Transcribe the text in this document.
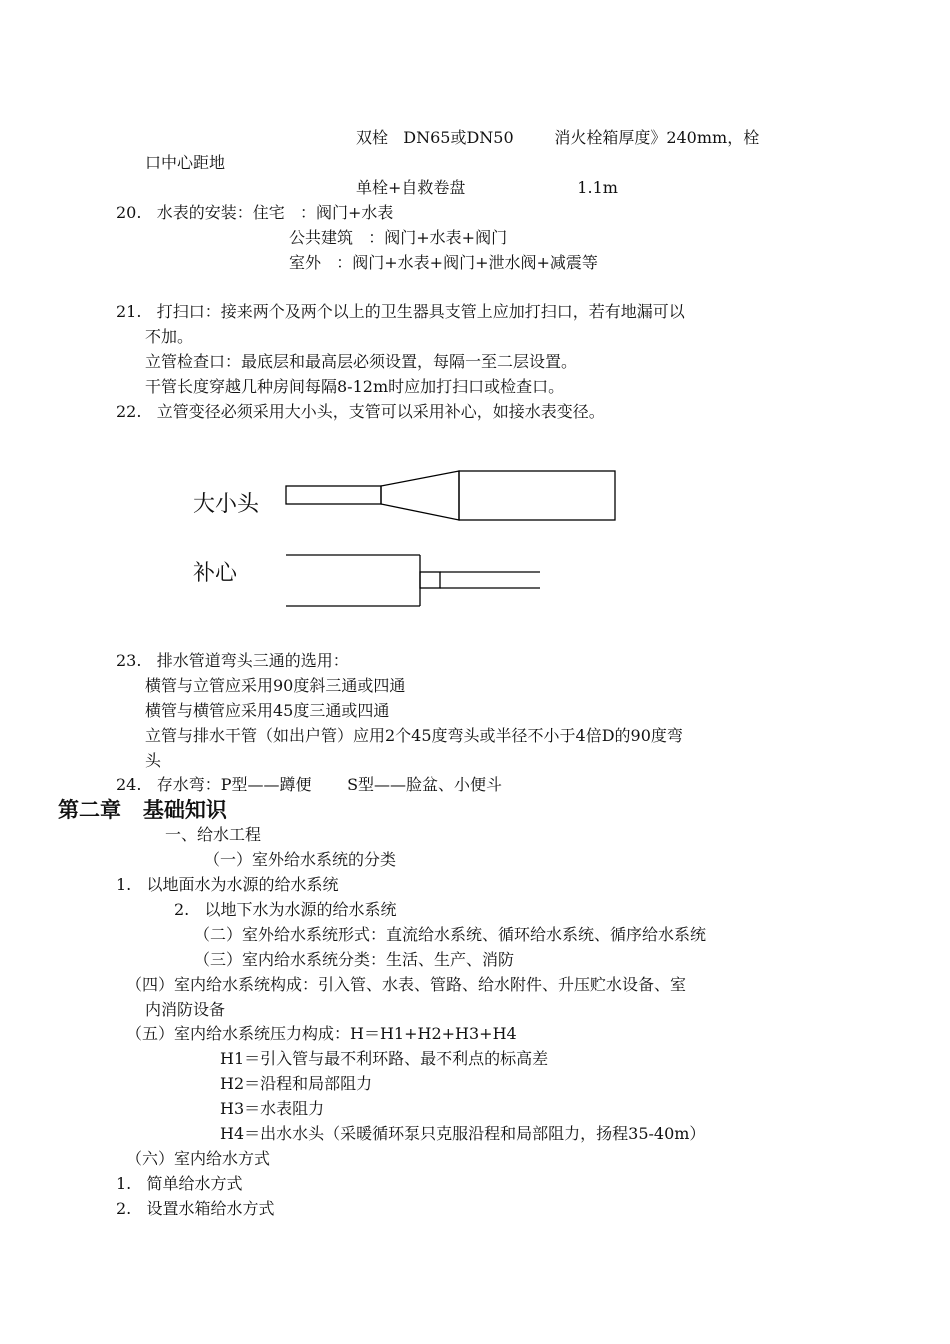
双栓   DN65或DN50        消火栓箱厚度》240mm，栓
口中心距地
单栓+自救卷盘                      1.1m
20.   水表的安装：住宅   ：阀门+水表
公共建筑   ：阀门+水表+阀门
室外   ：阀门+水表+阀门+泄水阀+减震等
21.   打扫口：接来两个及两个以上的卫生器具支管上应加打扫口，若有地漏可以
不加。
立管检查口：最底层和最高层必须设置，每隔一至二层设置。
干管长度穿越几种房间每隔8-12m时应加打扫口或检查口。
22.   立管变径必须采用大小头，支管可以采用补心，如接水表变径。
大小头
补心
23.   排水管道弯头三通的选用：
横管与立管应采用90度斜三通或四通
横管与横管应采用45度三通或四通
立管与排水干管（如出户管）应用2个45度弯头或半径不小于4倍D的90度弯
头
24.   存水弯：P型——蹲便       S型——脸盆、小便斗
第二章   基础知识
一、给水工程
（一）室外给水系统的分类
1.   以地面水为水源的给水系统
2.   以地下水为水源的给水系统
（二）室外给水系统形式：直流给水系统、循环给水系统、循序给水系统
（三）室内给水系统分类：生活、生产、消防
（四）室内给水系统构成：引入管、水表、管路、给水附件、升压贮水设备、室
内消防设备
（五）室内给水系统压力构成：H＝H1+H2+H3+H4
H1＝引入管与最不利环路、最不利点的标高差
H2＝沿程和局部阻力
H3＝水表阻力
H4＝出水水头（采暖循环泵只克服沿程和局部阻力，扬程35-40m）
（六）室内给水方式
1.   简单给水方式
2.   设置水箱给水方式
